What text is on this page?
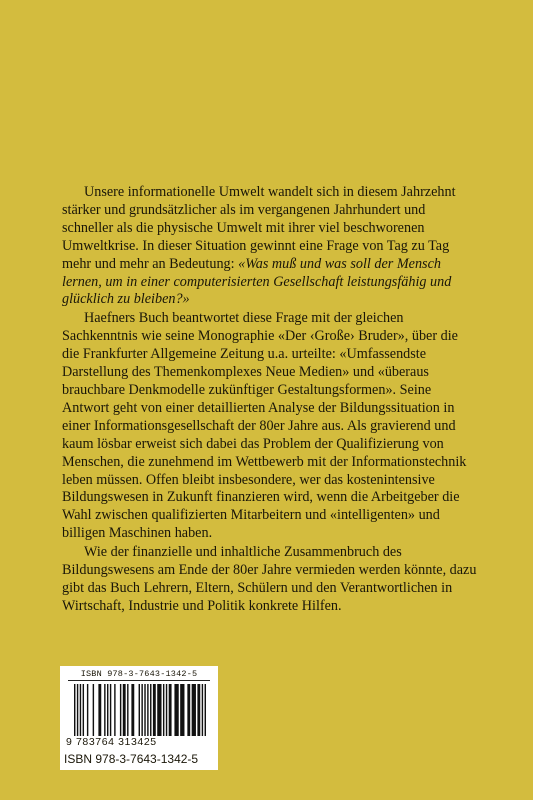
Unsere informationelle Umwelt wandelt sich in diesem Jahrzehnt stärker und grundsätzlicher als im vergangenen Jahrhundert und schneller als die physische Umwelt mit ihrer viel beschworenen Umweltkrise. In dieser Situation gewinnt eine Frage von Tag zu Tag mehr und mehr an Bedeutung: «Was muß und was soll der Mensch lernen, um in einer computerisierten Gesellschaft leistungsfähig und glücklich zu bleiben?»

Haefners Buch beantwortet diese Frage mit der gleichen Sachkenntnis wie seine Monographie «Der ‹Große› Bruder», über die die Frankfurter Allgemeine Zeitung u.a. urteilte: «Umfassendste Darstellung des Themenkomplexes Neue Medien» und «überaus brauchbare Denkmodelle zukünftiger Gestaltungsformen». Seine Antwort geht von einer detaillierten Analyse der Bildungssituation in einer Informationsgesellschaft der 80er Jahre aus. Als gravierend und kaum lösbar erweist sich dabei das Problem der Qualifizierung von Menschen, die zunehmend im Wettbewerb mit der Informationstechnik leben müssen. Offen bleibt insbesondere, wer das kostenintensive Bildungswesen in Zukunft finanzieren wird, wenn die Arbeitgeber die Wahl zwischen qualifizierten Mitarbeitern und «intelligenten» und billigen Maschinen haben.

Wie der finanzielle und inhaltliche Zusammenbruch des Bildungswesens am Ende der 80er Jahre vermieden werden könnte, dazu gibt das Buch Lehrern, Eltern, Schülern und den Verantwortlichen in Wirtschaft, Industrie und Politik konkrete Hilfen.

ISBN 978-3-7643-1342-5
9 783764 313425
ISBN 978-3-7643-1342-5
